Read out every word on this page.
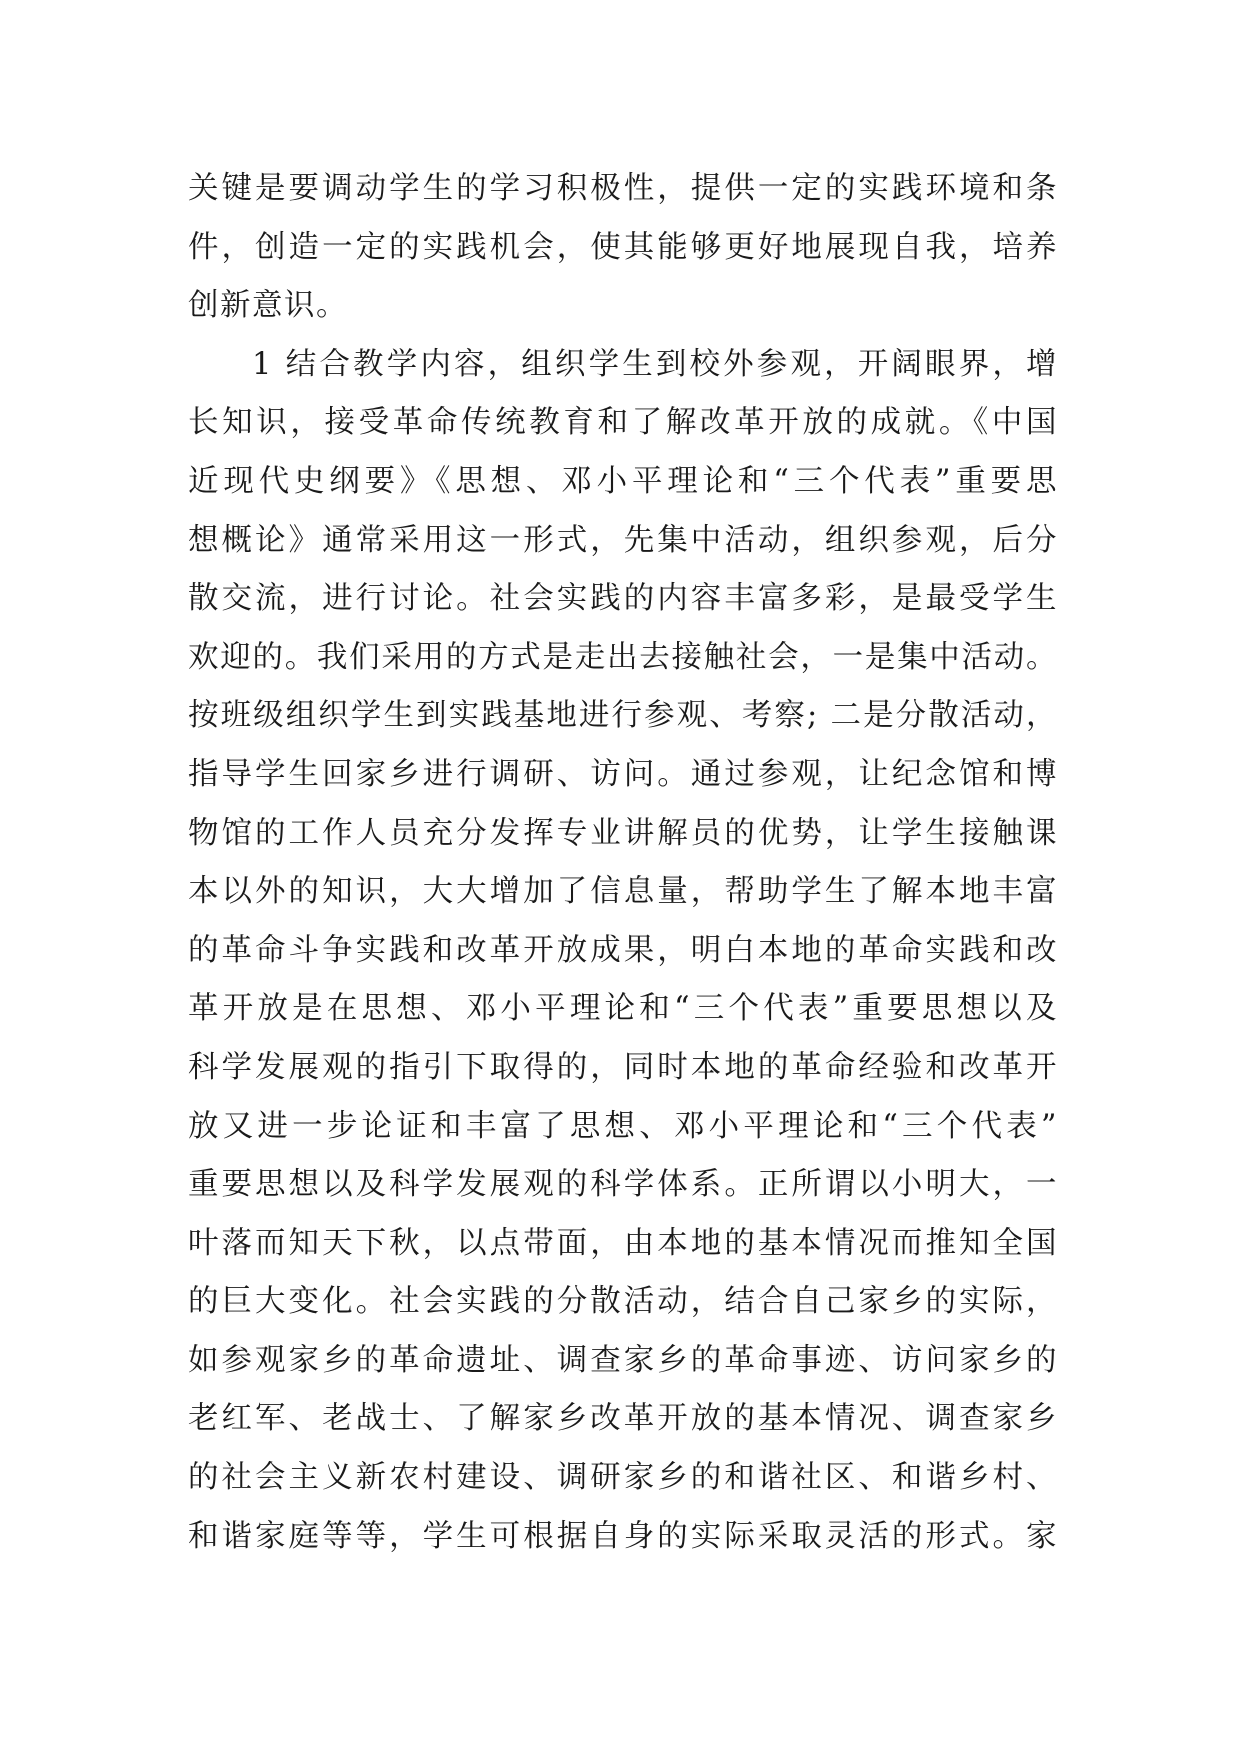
关键是要调动学生的学习积极性，提供一定的实践环境和条
件，创造一定的实践机会，使其能够更好地展现自我，培养
创新意识。
1 结合教学内容，组织学生到校外参观，开阔眼界，增
长知识，接受革命传统教育和了解改革开放的成就。《中国
近现代史纲要》《思想、邓小平理论和“三个代表”重要思
想概论》通常采用这一形式，先集中活动，组织参观，后分
散交流，进行讨论。社会实践的内容丰富多彩，是最受学生
欢迎的。我们采用的方式是走出去接触社会，一是集中活动。
按班级组织学生到实践基地进行参观、考察; 二是分散活动，
指导学生回家乡进行调研、访问。通过参观，让纪念馆和博
物馆的工作人员充分发挥专业讲解员的优势，让学生接触课
本以外的知识，大大增加了信息量，帮助学生了解本地丰富
的革命斗争实践和改革开放成果，明白本地的革命实践和改
革开放是在思想、邓小平理论和“三个代表”重要思想以及
科学发展观的指引下取得的，同时本地的革命经验和改革开
放又进一步论证和丰富了思想、邓小平理论和“三个代表”
重要思想以及科学发展观的科学体系。正所谓以小明大，一
叶落而知天下秋，以点带面，由本地的基本情况而推知全国
的巨大变化。社会实践的分散活动，结合自己家乡的实际，
如参观家乡的革命遗址、调查家乡的革命事迹、访问家乡的
老红军、老战士、了解家乡改革开放的基本情况、调查家乡
的社会主义新农村建设、调研家乡的和谐社区、和谐乡村、
和谐家庭等等，学生可根据自身的实际采取灵活的形式。家
